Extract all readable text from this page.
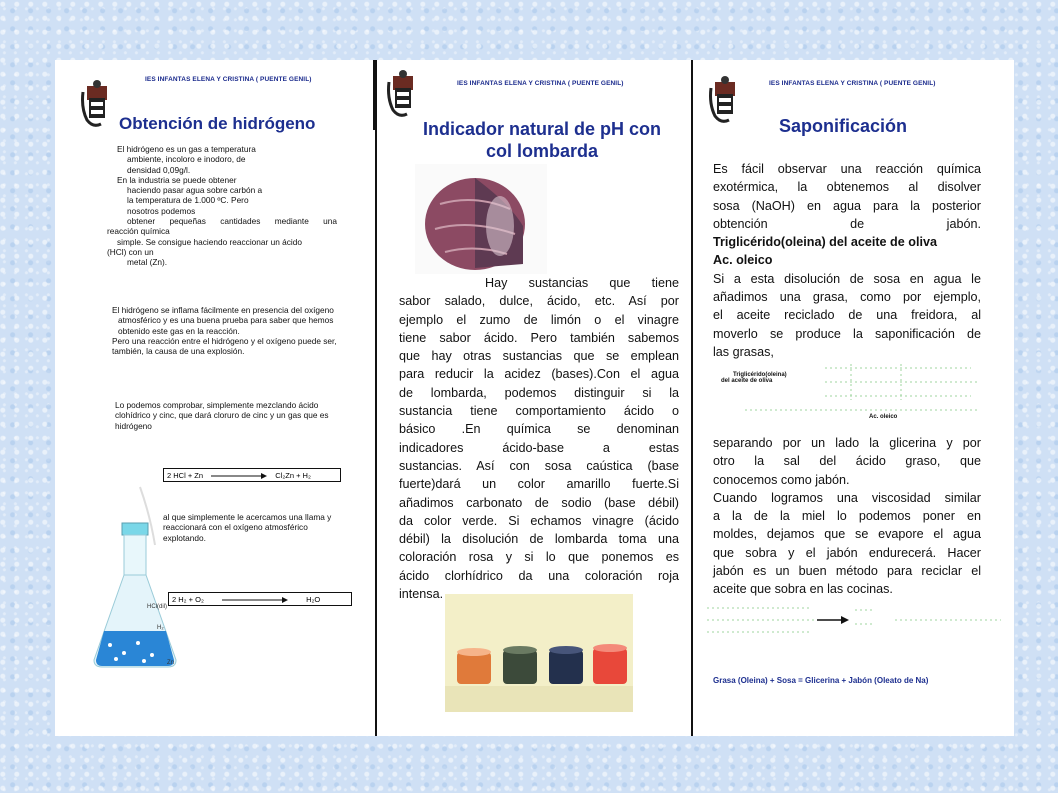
IES INFANTAS ELENA Y CRISTINA ( PUENTE GENIL)
Obtención de hidrógeno
El hidrógeno es un gas a temperatura
ambiente, incoloro e inodoro, de
densidad 0,09g/l.
En la industria se puede obtener
haciendo pasar agua sobre carbón a
la temperatura de 1.000 ºC. Pero
nosotros podemos
obtener pequeñas cantidades mediante una
reacción química
simple. Se consigue haciendo reaccionar un ácido
(HCl) con un
metal (Zn).
El hidrógeno se inflama fácilmente en presencia del oxígeno
atmosférico y es una buena prueba para saber que hemos
obtenido este gas en la reacción.
Pero una reacción entre el hidrógeno y el oxígeno puede ser,
también, la causa de una explosión.
Lo podemos comprobar, simplemente mezclando ácido
clohídrico y cinc, que dará cloruro de cinc y un gas que es
hidrógeno
2 HCl + Zn	Cl₂Zn + H₂
al que simplemente le acercamos una llama y
reaccionará con el oxígeno atmosférico
explotando.
2 H₂ + O₂	H₂O
HCl(dil)
H₂
Zn
IES INFANTAS ELENA Y CRISTINA ( PUENTE GENIL)
Indicador natural de pH con
col lombarda
Hay sustancias que tiene
sabor salado, dulce, ácido, etc. Así por
ejemplo el zumo de limón o el vinagre
tiene sabor ácido. Pero también sabemos
que hay otras sustancias que se emplean
para reducir la acidez (bases).Con el agua
de lombarda, podemos distinguir si la
sustancia tiene comportamiento ácido o
básico .En química se denominan
indicadores ácido-base a estas
sustancias. Así con sosa caústica (base
fuerte)dará un color amarillo fuerte.Si
añadimos carbonato de sodio (base débil)
da color verde. Si echamos vinagre (ácido
débil) la disolución de lombarda toma una
coloración rosa y si lo que ponemos es
ácido clorhídrico da una coloración roja
intensa.
IES INFANTAS ELENA Y CRISTINA ( PUENTE GENIL)
Saponificación
Es fácil observar una reacción química
exotérmica, la obtenemos al disolver
sosa (NaOH) en agua para la posterior
obtención de jabón.
Triglicérido(oleina) del aceite de oliva
Ac. oleico
Si a esta disolución de sosa en agua le
añadimos una grasa, como por ejemplo,
el aceite reciclado de una freidora, al
moverlo se produce la saponificación de
las grasas,
Triglicérido(oleina)
del aceite de oliva
Ac. oleico
separando por un lado la glicerina y por
otro la sal del ácido graso, que
conocemos como jabón.
Cuando logramos una viscosidad similar
a la de la miel lo podemos poner en
moldes, dejamos que se evapore el agua
que sobra y el jabón endurecerá. Hacer
jabón es un buen método para reciclar el
aceite que sobra en las cocinas.
Grasa (Oleina) + Sosa = Glicerina + Jabón (Oleato de Na)
